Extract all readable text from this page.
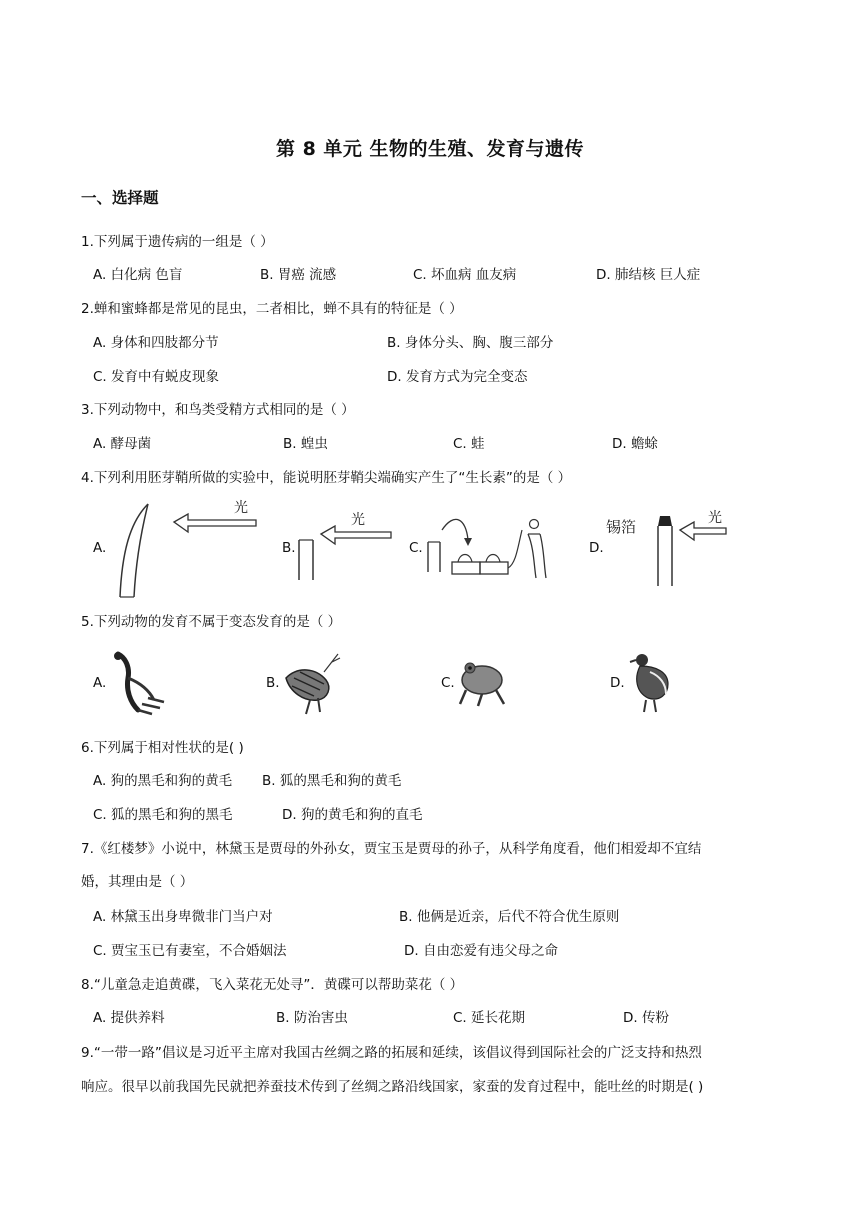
第 8 单元 生物的生殖、发育与遗传
一、选择题
1.下列属于遗传病的一组是（ ）
A. 白化病 色盲	B. 胃癌 流感	C. 坏血病 血友病	D. 肺结核 巨人症
2.蝉和蜜蜂都是常见的昆虫，二者相比，蝉不具有的特征是（ ）
A. 身体和四肢都分节	B. 身体分头、胸、腹三部分
C. 发育中有蜕皮现象	D. 发育方式为完全变态
3.下列动物中，和鸟类受精方式相同的是（ ）
A. 酵母菌	B. 蝗虫	C. 蛙	D. 蟾蜍
4.下列利用胚芽鞘所做的实验中，能说明胚芽鞘尖端确实产生了“生长素”的是（ ）
A.	B.	C.	D.
光
光	锡箔	光
5.下列动物的发育不属于变态发育的是（ ）
A.	B.	C.	D.
6.下列属于相对性状的是( )
A. 狗的黑毛和狗的黄毛 B. 狐的黑毛和狗的黄毛
C. 狐的黑毛和狗的黑毛	D. 狗的黄毛和狗的直毛
7.《红楼梦》小说中，林黛玉是贾母的外孙女，贾宝玉是贾母的孙子，从科学角度看，他们相爱却不宜结
婚，其理由是（ ）
A. 林黛玉出身卑微非门当户对	B. 他俩是近亲，后代不符合优生原则
C. 贾宝玉已有妻室，不合婚姻法	D. 自由恋爱有违父母之命
8.“儿童急走追黄碟，飞入菜花无处寻”．黄碟可以帮助菜花（ ）
A. 提供养料	B. 防治害虫	C. 延长花期	D. 传粉
9.“一带一路”倡议是习近平主席对我国古丝绸之路的拓展和延续，该倡议得到国际社会的广泛支持和热烈
响应。很早以前我国先民就把养蚕技术传到了丝绸之路沿线国家，家蚕的发育过程中，能吐丝的时期是( )
